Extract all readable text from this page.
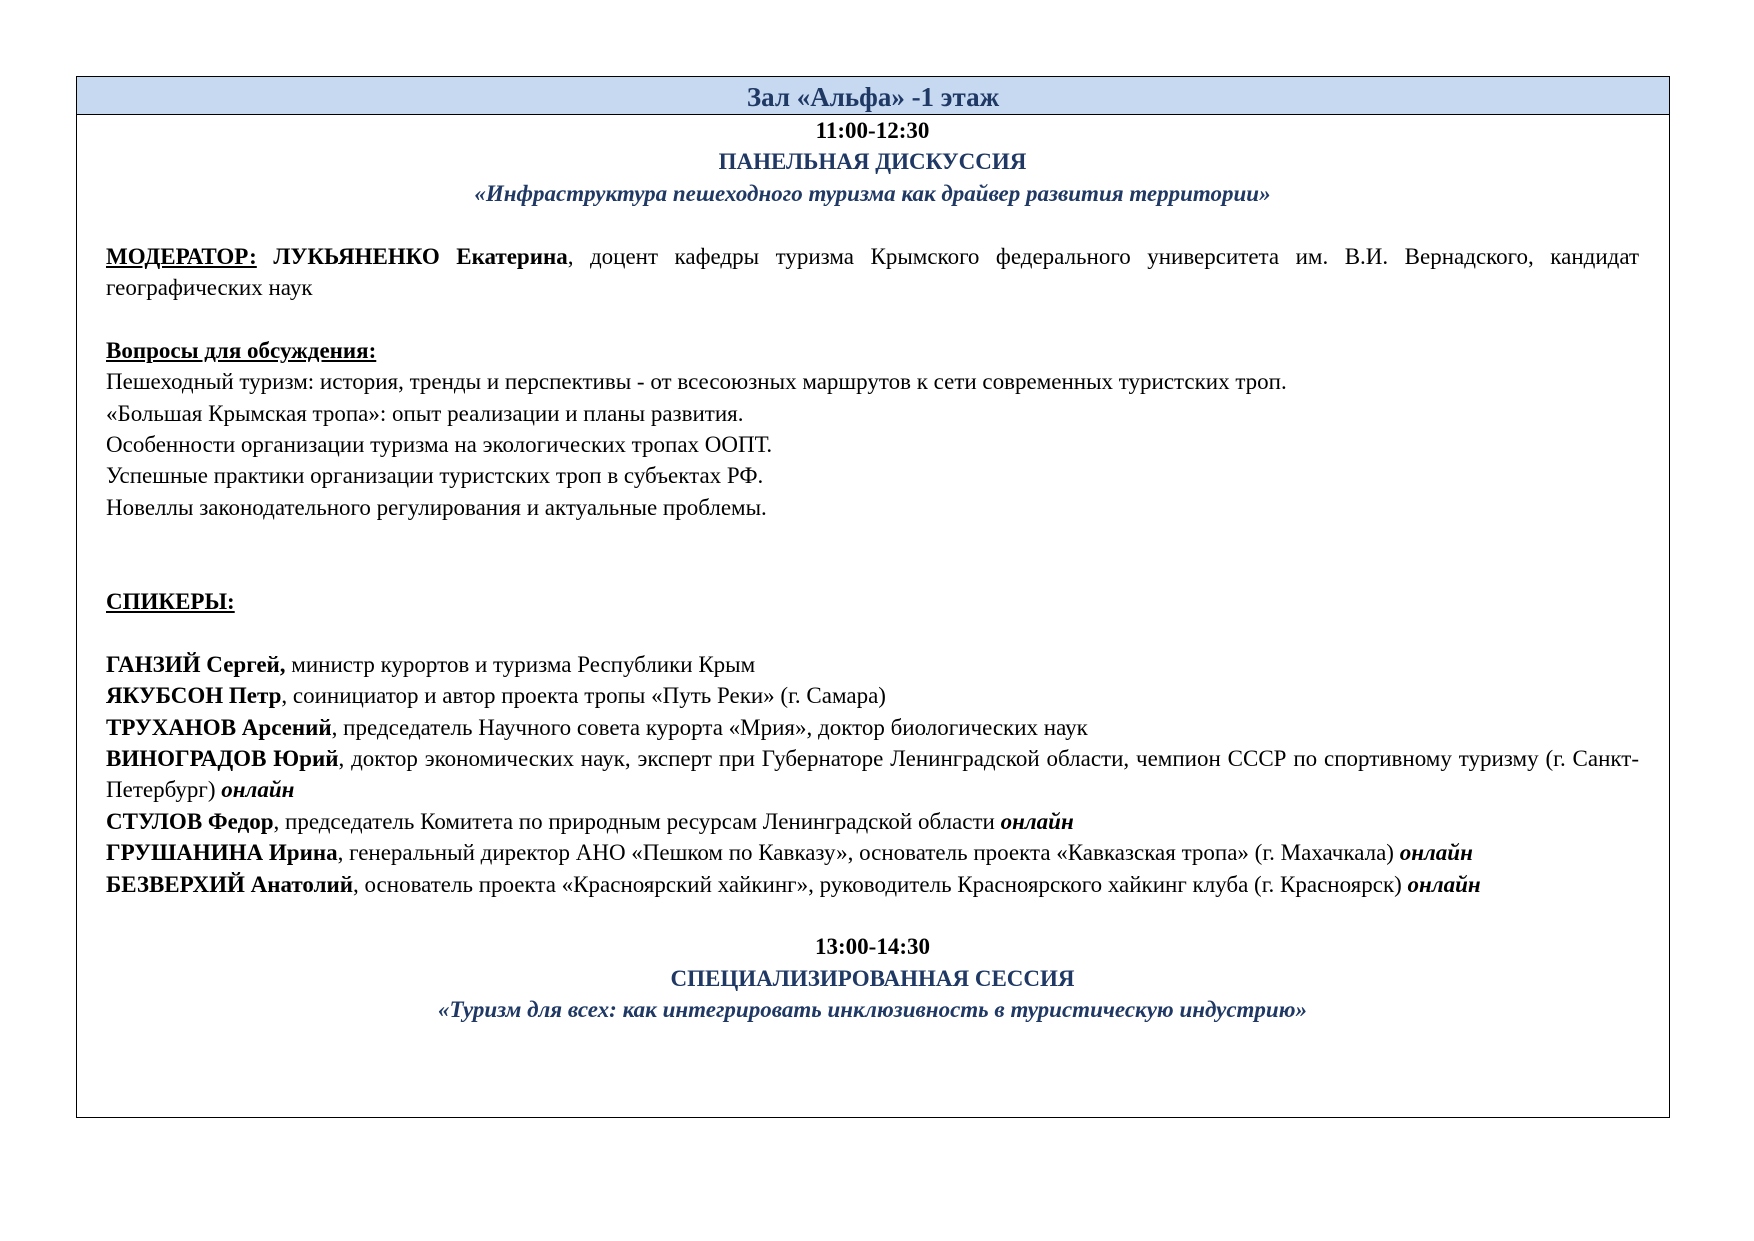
Зал «Альфа» -1 этаж

11:00-12:30

ПАНЕЛЬНАЯ ДИСКУССИЯ

«Инфраструктура пешеходного туризма как драйвер развития территории»

МОДЕРАТОР: ЛУКЬЯНЕНКО Екатерина, доцент кафедры туризма Крымского федерального университета им. В.И. Вернадского, кандидат географических наук

Вопросы для обсуждения:

Пешеходный туризм: история, тренды и перспективы - от всесоюзных маршрутов к сети современных туристских троп.

«Большая Крымская тропа»: опыт реализации и планы развития.

Особенности организации туризма на экологических тропах ООПТ.

Успешные практики организации туристских троп в субъектах РФ.

Новеллы законодательного регулирования и актуальные проблемы.

СПИКЕРЫ:

ГАНЗИЙ Сергей, министр курортов и туризма Республики Крым

ЯКУБСОН Петр, соинициатор и автор проекта тропы «Путь Реки» (г. Самара)

ТРУХАНОВ Арсений, председатель Научного совета курорта «Мрия», доктор биологических наук

ВИНОГРАДОВ Юрий, доктор экономических наук, эксперт при Губернаторе Ленинградской области, чемпион СССР по спортивному туризму (г. Санкт-Петербург) онлайн

СТУЛОВ Федор, председатель Комитета по природным ресурсам Ленинградской области онлайн

ГРУШАНИНА Ирина, генеральный директор АНО «Пешком по Кавказу», основатель проекта «Кавказская тропа» (г. Махачкала) онлайн

БЕЗВЕРХИЙ Анатолий, основатель проекта «Красноярский хайкинг», руководитель Красноярского хайкинг клуба (г. Красноярск) онлайн

13:00-14:30

СПЕЦИАЛИЗИРОВАННАЯ СЕССИЯ

«Туризм для всех: как интегрировать инклюзивность в туристическую индустрию»
